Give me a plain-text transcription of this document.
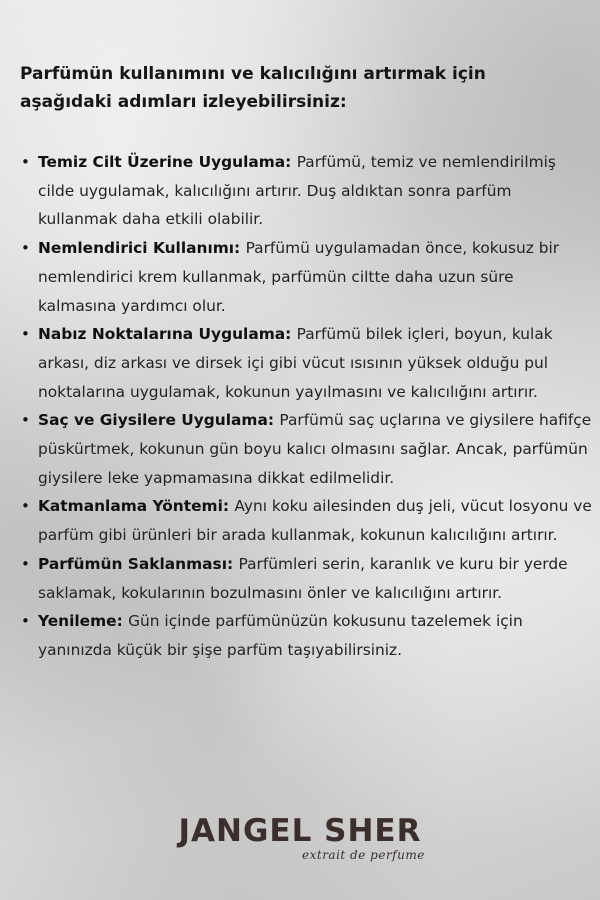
Parfümün kullanımını ve kalıcılığını artırmak için aşağıdaki adımları izleyebilirsiniz:

• Temiz Cilt Üzerine Uygulama: Parfümü, temiz ve nemlendirilmiş cilde uygulamak, kalıcılığını artırır. Duş aldıktan sonra parfüm kullanmak daha etkili olabilir.
• Nemlendirici Kullanımı: Parfümü uygulamadan önce, kokusuz bir nemlendirici krem kullanmak, parfümün ciltte daha uzun süre kalmasına yardımcı olur.
• Nabız Noktalarına Uygulama: Parfümü bilek içleri, boyun, kulak arkası, diz arkası ve dirsek içi gibi vücut ısısının yüksek olduğu pul noktalarına uygulamak, kokunun yayılmasını ve kalıcılığını artırır.
• Saç ve Giysilere Uygulama: Parfümü saç uçlarına ve giysilere hafifçe püskürtmek, kokunun gün boyu kalıcı olmasını sağlar. Ancak, parfümün giysilere leke yapmamasına dikkat edilmelidir.
• Katmanlama Yöntemi: Aynı koku ailesinden duş jeli, vücut losyonu ve parfüm gibi ürünleri bir arada kullanmak, kokunun kalıcılığını artırır.
• Parfümün Saklanması: Parfümleri serin, karanlık ve kuru bir yerde saklamak, kokularının bozulmasını önler ve kalıcılığını artırır.
• Yenileme: Gün içinde parfümünüzün kokusunu tazelemek için yanınızda küçük bir şişe parfüm taşıyabilirsiniz.
JANGEL SHER
extrait de perfume
